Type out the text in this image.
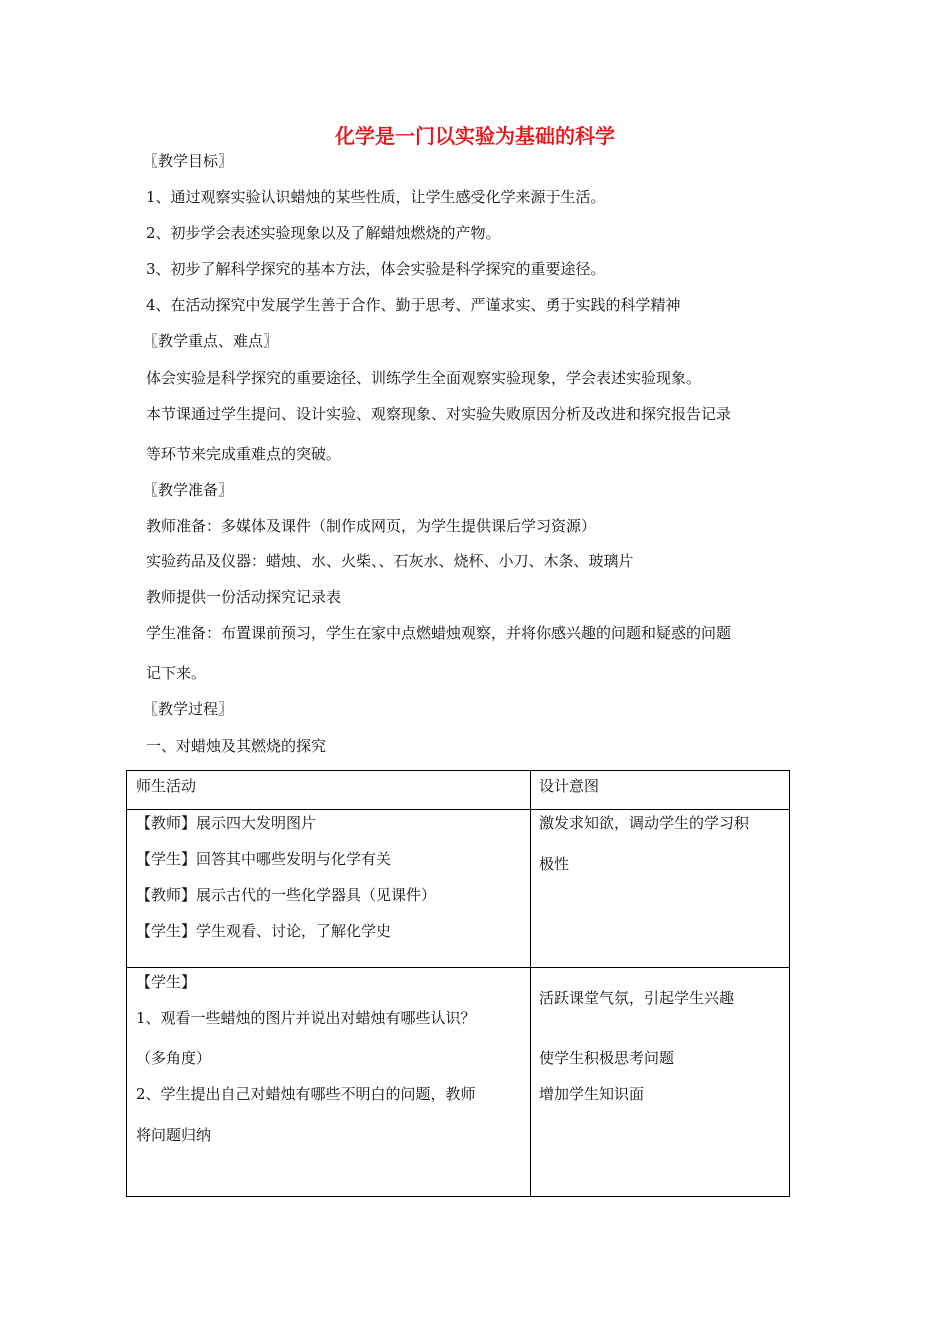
化学是一门以实验为基础的科学
〖教学目标〗
1、通过观察实验认识蜡烛的某些性质，让学生感受化学来源于生活。
2、初步学会表述实验现象以及了解蜡烛燃烧的产物。
3、初步了解科学探究的基本方法，体会实验是科学探究的重要途径。
4、在活动探究中发展学生善于合作、勤于思考、严谨求实、勇于实践的科学精神
〖教学重点、难点〗
体会实验是科学探究的重要途径、训练学生全面观察实验现象，学会表述实验现象。
本节课通过学生提问、设计实验、观察现象、对实验失败原因分析及改进和探究报告记录
等环节来完成重难点的突破。
〖教学准备〗
教师准备：多媒体及课件（制作成网页，为学生提供课后学习资源）
实验药品及仪器：蜡烛、水、火柴、、石灰水、烧杯、小刀、木条、玻璃片
教师提供一份活动探究记录表
学生准备：布置课前预习，学生在家中点燃蜡烛观察，并将你感兴趣的问题和疑惑的问题
记下来。
〖教学过程〗
一、对蜡烛及其燃烧的探究
师生活动	设计意图
【教师】展示四大发明图片
【学生】回答其中哪些发明与化学有关
【教师】展示古代的一些化学器具（见课件）
【学生】学生观看、讨论，了解化学史
激发求知欲，调动学生的学习积
极性
【学生】
1、观看一些蜡烛的图片并说出对蜡烛有哪些认识？
（多角度）
2、学生提出自己对蜡烛有哪些不明白的问题，教师
将问题归纳
活跃课堂气氛，引起学生兴趣
使学生积极思考问题
增加学生知识面
